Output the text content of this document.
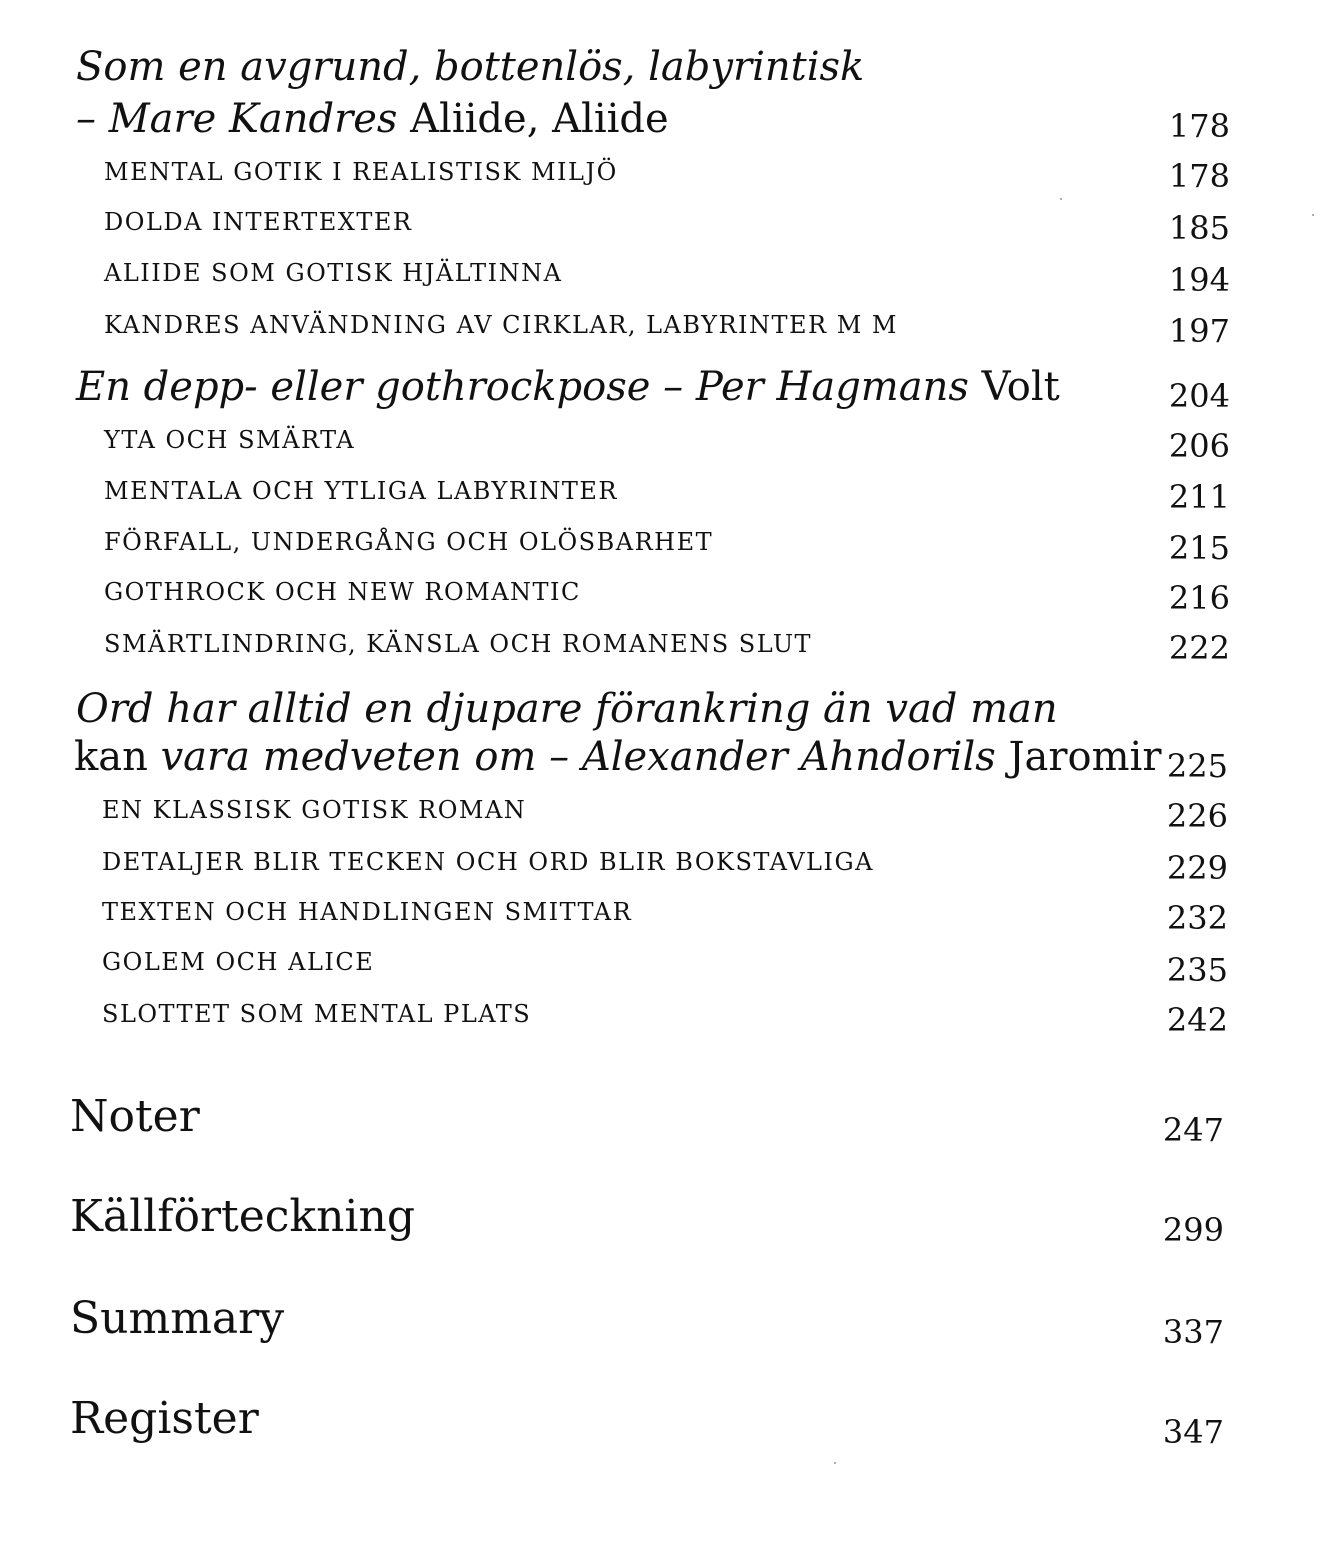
Som en avgrund, bottenlös, labyrintisk
– Mare Kandres Aliide, Aliide	178
MENTAL GOTIK I REALISTISK MILJÖ	178
DOLDA INTERTEXTER	185
ALIIDE SOM GOTISK HJÄLTINNA	194
KANDRES ANVÄNDNING AV CIRKLAR, LABYRINTER M M	197
En depp- eller gothrockpose – Per Hagmans Volt	204
YTA OCH SMÄRTA	206
MENTALA OCH YTLIGA LABYRINTER	211
FÖRFALL, UNDERGÅNG OCH OLÖSBARHET	215
GOTHROCK OCH NEW ROMANTIC	216
SMÄRTLINDRING, KÄNSLA OCH ROMANENS SLUT	222
Ord har alltid en djupare förankring än vad man
kan vara medveten om – Alexander Ahndorils Jaromir 225
EN KLASSISK GOTISK ROMAN	226
DETALJER BLIR TECKEN OCH ORD BLIR BOKSTAVLIGA	229
TEXTEN OCH HANDLINGEN SMITTAR	232
GOLEM OCH ALICE	235
SLOTTET SOM MENTAL PLATS	242
Noter	247
Källförteckning	299
Summary	337
Register	347
